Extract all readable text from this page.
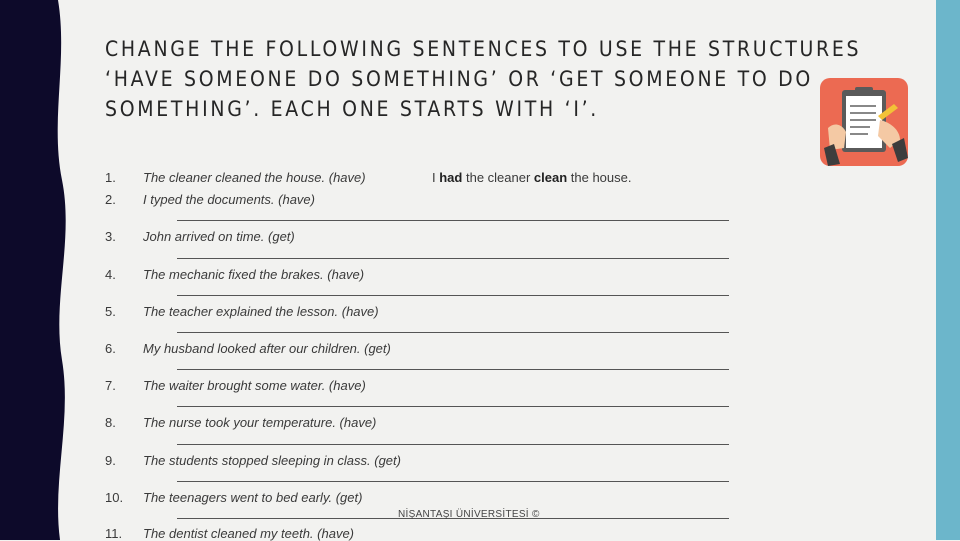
CHANGE THE FOLLOWING SENTENCES TO USE THE STRUCTURES
‘HAVE SOMEONE DO SOMETHING’ OR ‘GET SOMEONE TO DO
SOMETHING’. EACH ONE STARTS WITH ‘I’.
I had the cleaner clean the house.
1. The cleaner cleaned the house. (have)
2. I typed the documents. (have)
3. John arrived on time. (get)
4. The mechanic fixed the brakes. (have)
5. The teacher explained the lesson. (have)
6. My husband looked after our children. (get)
7. The waiter brought some water. (have)
8. The nurse took your temperature. (have)
9. The students stopped sleeping in class. (get)
10. The teenagers went to bed early. (get)
NİŞANTAŞI ÜNİVERSİTESİ ©
11. The dentist cleaned my teeth. (have)
